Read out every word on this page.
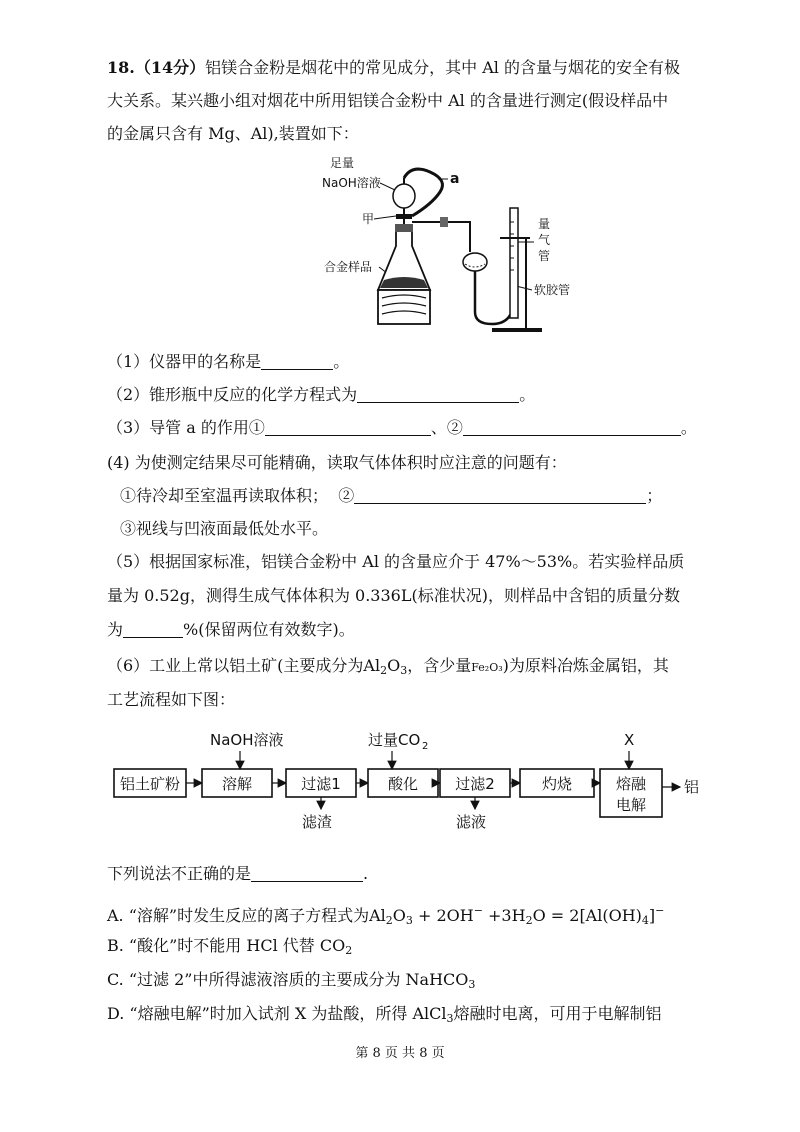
18.（14分）铝镁合金粉是烟花中的常见成分，其中 Al 的含量与烟花的安全有极
大关系。某兴趣小组对烟花中所用铝镁合金粉中 Al 的含量进行测定(假设样品中
的金属只含有 Mg、Al),装置如下：
足量
NaOH溶液	a
甲
合金样品
量
气
管
软胶管
（1）仪器甲的名称是	。
（2）锥形瓶中反应的化学方程式为	。
（3）导管 a 的作用①	、②	。
(4) 为使测定结果尽可能精确，读取气体体积时应注意的问题有：
①待冷却至室温再读取体积； ②	；
③视线与凹液面最低处水平。
（5）根据国家标准，铝镁合金粉中 Al 的含量应介于 47%～53%。若实验样品质
量为 0.52g，测得生成气体体积为 0.336L(标准状况)，则样品中含铝的质量分数
为	%(保留两位有效数字)。
（6）工业上常以铝土矿(主要成分为$Al_2O_3$，含少量Fe₂O₃)为原料冶炼金属铝，其
工艺流程如下图：
NaOH溶液	过量CO 2	X
铝土矿粉	溶解	过滤1
滤渣
酸化 过滤2
滤液
灼烧	熔融
电解
铝
下列说法不正确的是	.
A. “溶解”时发生反应的离子方程式为$Al_2O_3 + 2OH^- +3H_2O = 2[Al(OH)_4]^-$
B. “酸化”时不能用 HCl 代替 $CO_2$
C. “过滤 2”中所得滤液溶质的主要成分为 NaHCO$_3$
D. “熔融电解”时加入试剂 X 为盐酸，所得 AlCl$_3$熔融时电离，可用于电解制铝
第 8 页 共 8 页
